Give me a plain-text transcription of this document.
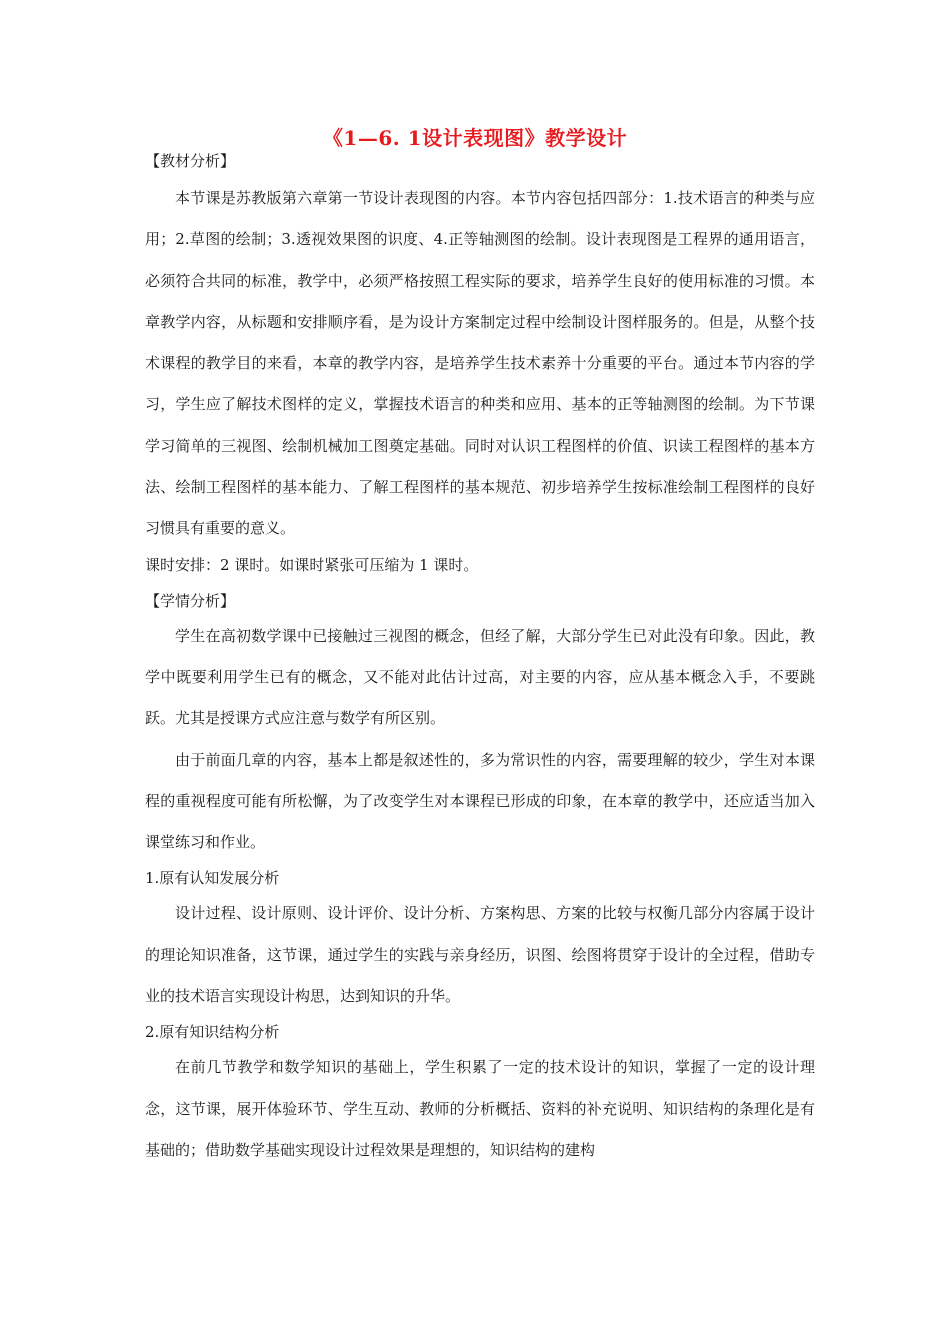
《1—6. 1设计表现图》教学设计
【教材分析】
本节课是苏教版第六章第一节设计表现图的内容。本节内容包括四部分：1.技术语言的种类与应用；2.草图的绘制；3.透视效果图的识度、4.正等轴测图的绘制。设计表现图是工程界的通用语言，必须符合共同的标准，教学中，必须严格按照工程实际的要求，培养学生良好的使用标准的习惯。本章教学内容，从标题和安排顺序看，是为设计方案制定过程中绘制设计图样服务的。但是，从整个技术课程的教学目的来看，本章的教学内容，是培养学生技术素养十分重要的平台。通过本节内容的学习，学生应了解技术图样的定义，掌握技术语言的种类和应用、基本的正等轴测图的绘制。为下节课学习简单的三视图、绘制机械加工图奠定基础。同时对认识工程图样的价值、识读工程图样的基本方法、绘制工程图样的基本能力、了解工程图样的基本规范、初步培养学生按标准绘制工程图样的良好习惯具有重要的意义。
课时安排：2 课时。如课时紧张可压缩为 1 课时。
【学情分析】
学生在高初数学课中已接触过三视图的概念，但经了解，大部分学生已对此没有印象。因此，教学中既要利用学生已有的概念，又不能对此估计过高，对主要的内容，应从基本概念入手，不要跳跃。尤其是授课方式应注意与数学有所区别。
由于前面几章的内容，基本上都是叙述性的，多为常识性的内容，需要理解的较少，学生对本课程的重视程度可能有所松懈，为了改变学生对本课程已形成的印象，在本章的教学中，还应适当加入课堂练习和作业。
1.原有认知发展分析
设计过程、设计原则、设计评价、设计分析、方案构思、方案的比较与权衡几部分内容属于设计的理论知识准备，这节课，通过学生的实践与亲身经历，识图、绘图将贯穿于设计的全过程，借助专业的技术语言实现设计构思，达到知识的升华。
2.原有知识结构分析
在前几节教学和数学知识的基础上，学生积累了一定的技术设计的知识，掌握了一定的设计理念，这节课，展开体验环节、学生互动、教师的分析概括、资料的补充说明、知识结构的条理化是有基础的；借助数学基础实现设计过程效果是理想的，知识结构的建构
